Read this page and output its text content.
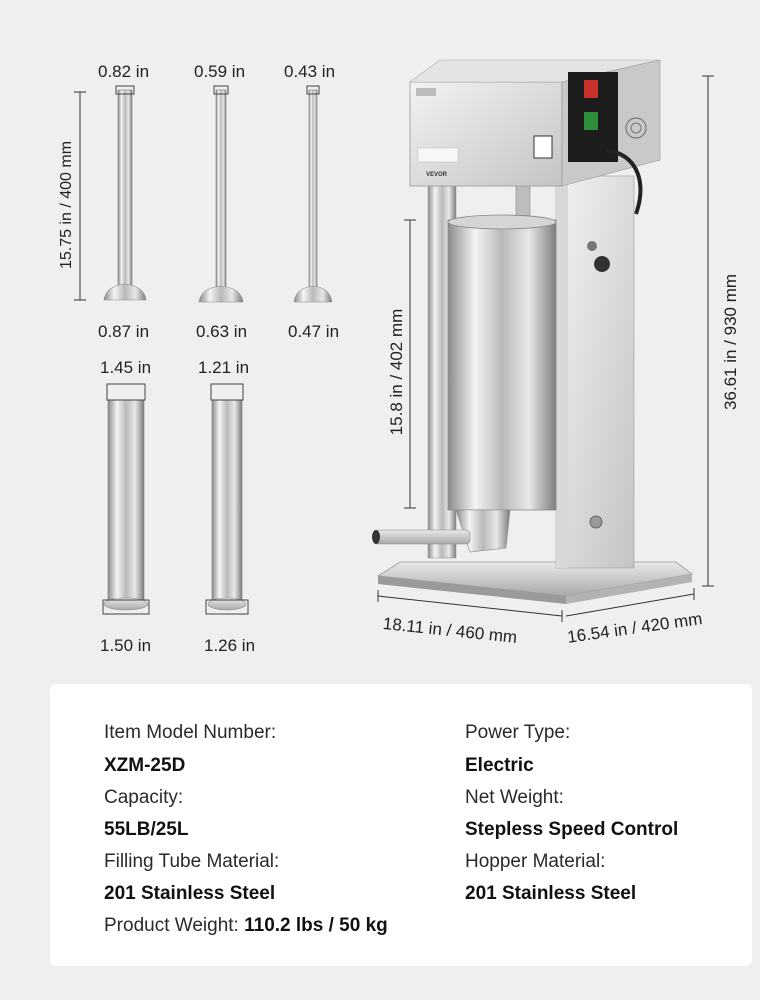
VEVOR
0.82 in	0.59 in 0.43 in
0.87 in	0.63 in 0.47 in
15.75 in / 400 mm
1.45 in	1.21 in
1.50 in	1.26 in
15.8 in / 402 mm	36.61 in / 930 mm
18.11 in / 460 mm	16.54 in / 420 mm
Item Model Number:
XZM-25D
Capacity:
55LB/25L
Filling Tube Material:
201 Stainless Steel
Product Weight: 110.2 lbs / 50 kg
Power Type:
Electric
Net Weight:
Stepless Speed Control
Hopper Material:
201 Stainless Steel
